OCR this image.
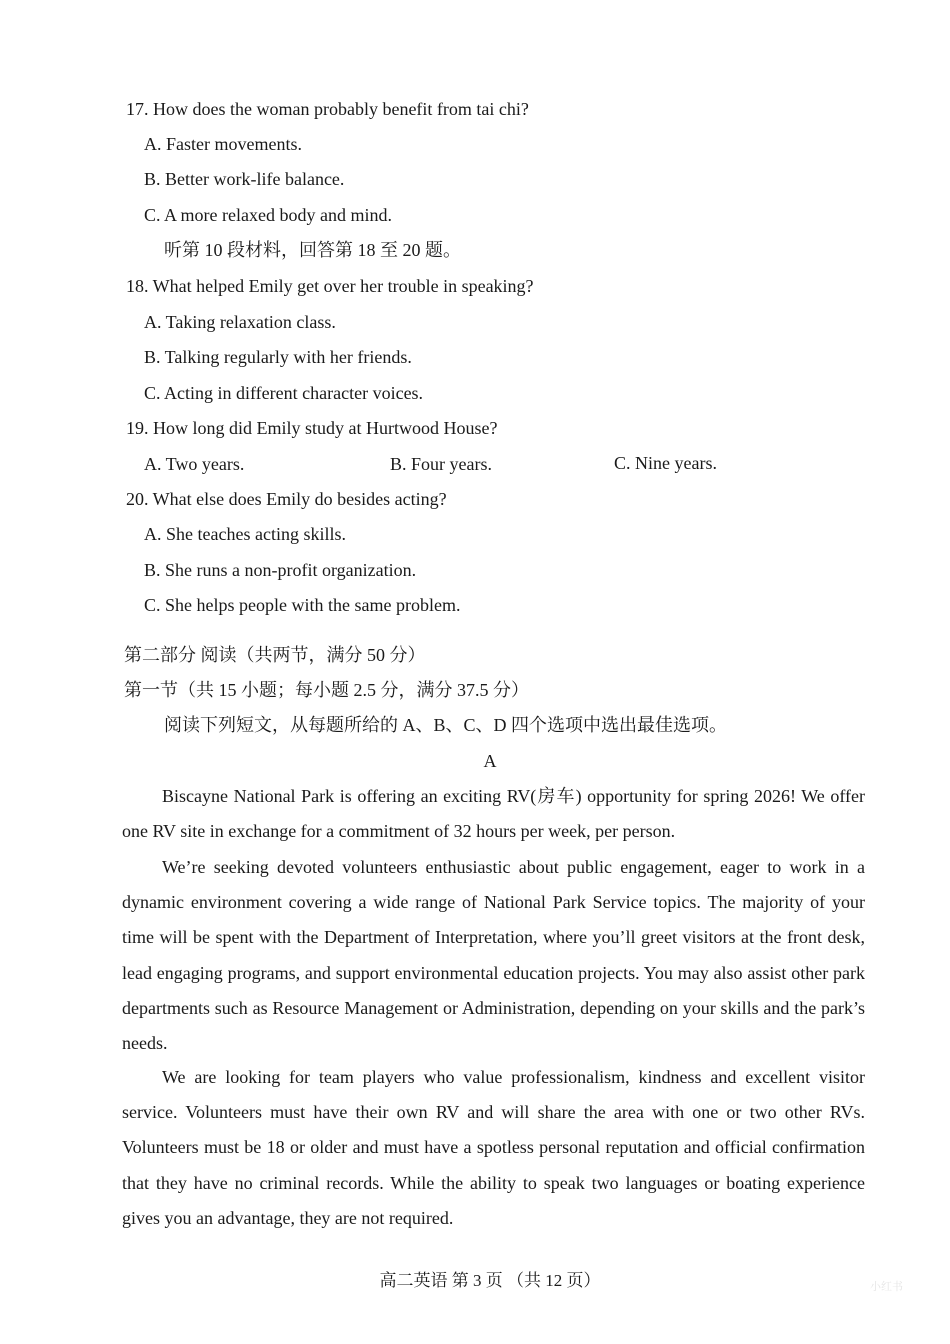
17. How does the woman probably benefit from tai chi?
A. Faster movements.
B. Better work-life balance.
C. A more relaxed body and mind.
听第 10 段材料，回答第 18 至 20 题。
18. What helped Emily get over her trouble in speaking?
A. Taking relaxation class.
B. Talking regularly with her friends.
C. Acting in different character voices.
19. How long did Emily study at Hurtwood House?
A. Two years.	B. Four years.	C. Nine years.
20. What else does Emily do besides acting?
A. She teaches acting skills.
B. She runs a non-profit organization.
C. She helps people with the same problem.
第二部分 阅读（共两节，满分 50 分）
第一节（共 15 小题；每小题 2.5 分，满分 37.5 分）
阅读下列短文，从每题所给的 A、B、C、D 四个选项中选出最佳选项。
A
Biscayne National Park is offering an exciting RV(房车) opportunity for spring 2026! We offer one RV site in exchange for a commitment of 32 hours per week, per person.
We’re seeking devoted volunteers enthusiastic about public engagement, eager to work in a dynamic environment covering a wide range of National Park Service topics. The majority of your time will be spent with the Department of Interpretation, where you’ll greet visitors at the front desk, lead engaging programs, and support environmental education projects. You may also assist other park departments such as Resource Management or Administration, depending on your skills and the park’s needs.
We are looking for team players who value professionalism, kindness and excellent visitor service. Volunteers must have their own RV and will share the area with one or two other RVs. Volunteers must be 18 or older and must have a spotless personal reputation and official confirmation that they have no criminal records. While the ability to speak two languages or boating experience gives you an advantage, they are not required.
高二英语 第 3 页 （共 12 页）	小红书
